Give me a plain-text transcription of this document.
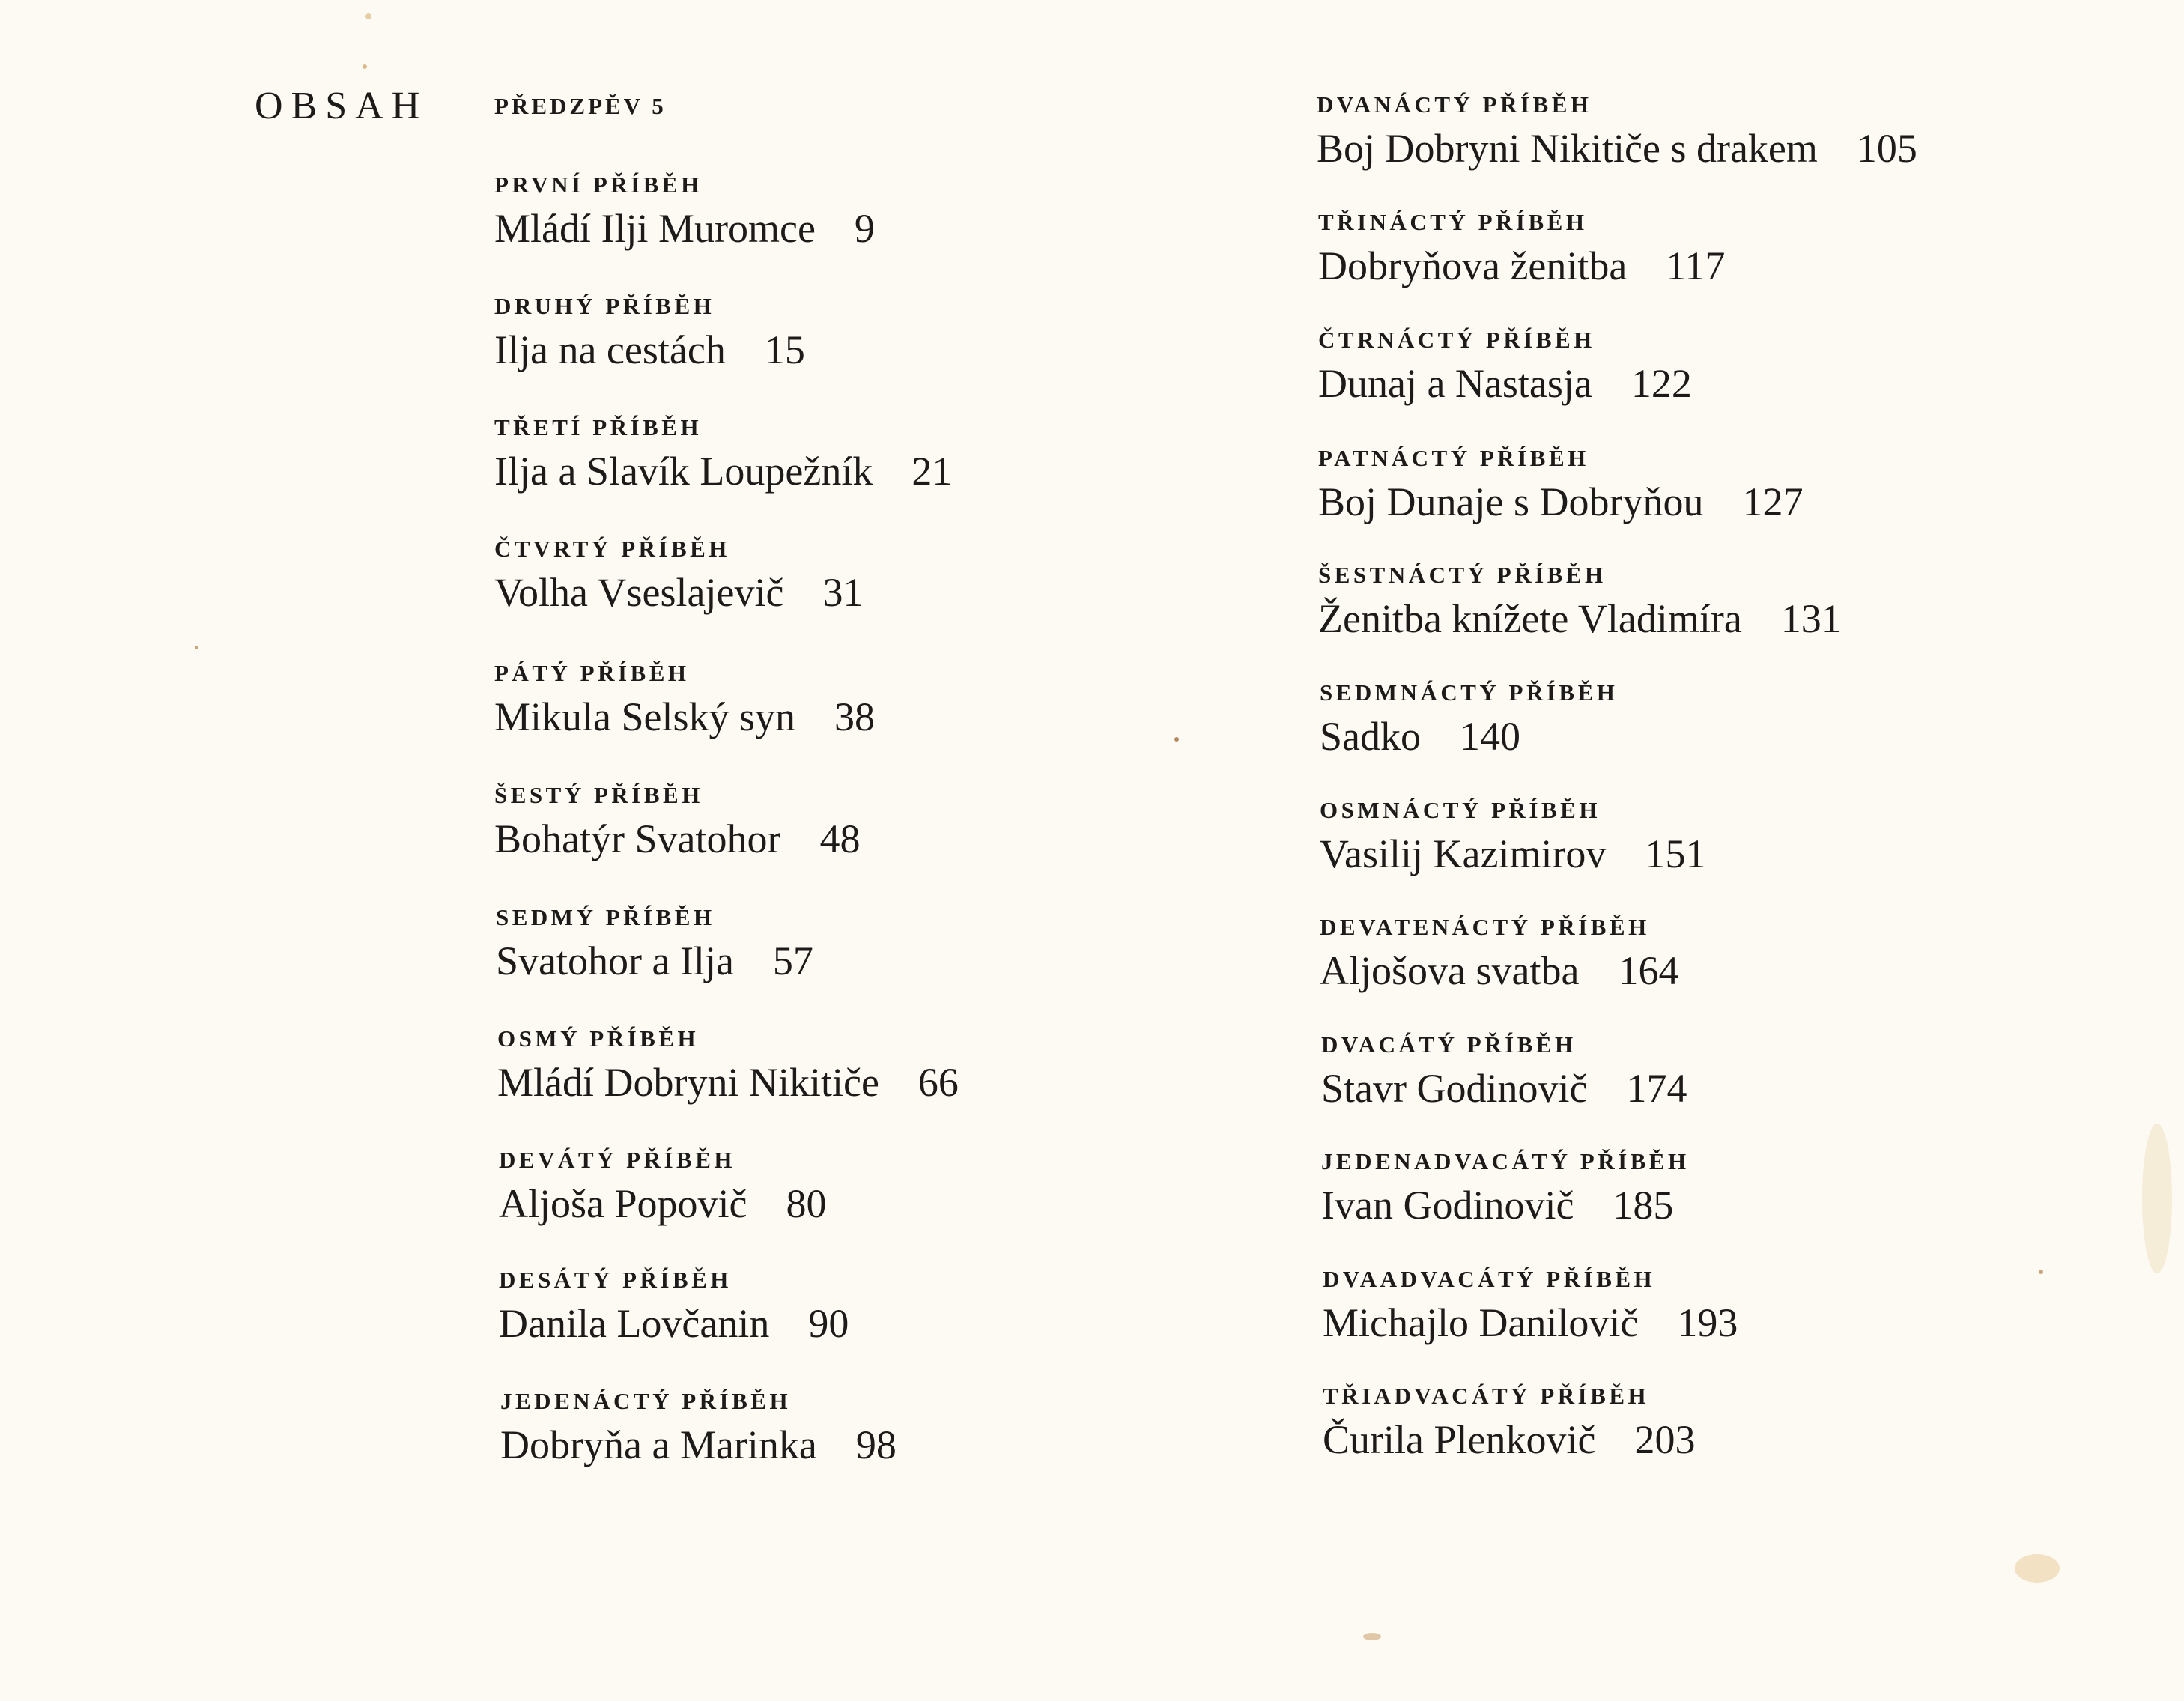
OBSAH	PŘEDZPĚV 5
PRVNÍ PŘÍBĚH
Mládí Ilji Muromce 9
DRUHÝ PŘÍBĚH
Ilja na cestách 15
TŘETÍ PŘÍBĚH
Ilja a Slavík Loupežník 21
ČTVRTÝ PŘÍBĚH
Volha Vseslajevič 31
PÁTÝ PŘÍBĚH
Mikula Selský syn 38
ŠESTÝ PŘÍBĚH
Bohatýr Svatohor 48
SEDMÝ PŘÍBĚH
Svatohor a Ilja 57
OSMÝ PŘÍBĚH
Mládí Dobryni Nikitiče 66
DEVÁTÝ PŘÍBĚH
Aljoša Popovič 80
DESÁTÝ PŘÍBĚH
Danila Lovčanin 90
JEDENÁCTÝ PŘÍBĚH
Dobryňa a Marinka 98
DVANÁCTÝ PŘÍBĚH
Boj Dobryni Nikitiče s drakem 105
TŘINÁCTÝ PŘÍBĚH
Dobryňova ženitba 117
ČTRNÁCTÝ PŘÍBĚH
Dunaj a Nastasja 122
PATNÁCTÝ PŘÍBĚH
Boj Dunaje s Dobryňou 127
ŠESTNÁCTÝ PŘÍBĚH
Ženitba knížete Vladimíra 131
SEDMNÁCTÝ PŘÍBĚH
Sadko 140
OSMNÁCTÝ PŘÍBĚH
Vasilij Kazimirov 151
DEVATENÁCTÝ PŘÍBĚH
Aljošova svatba 164
DVACÁTÝ PŘÍBĚH
Stavr Godinovič 174
JEDENADVACÁTÝ PŘÍBĚH
Ivan Godinovič 185
DVAADVACÁTÝ PŘÍBĚH
Michajlo Danilovič 193
TŘIADVACÁTÝ PŘÍBĚH
Čurila Plenkovič 203
